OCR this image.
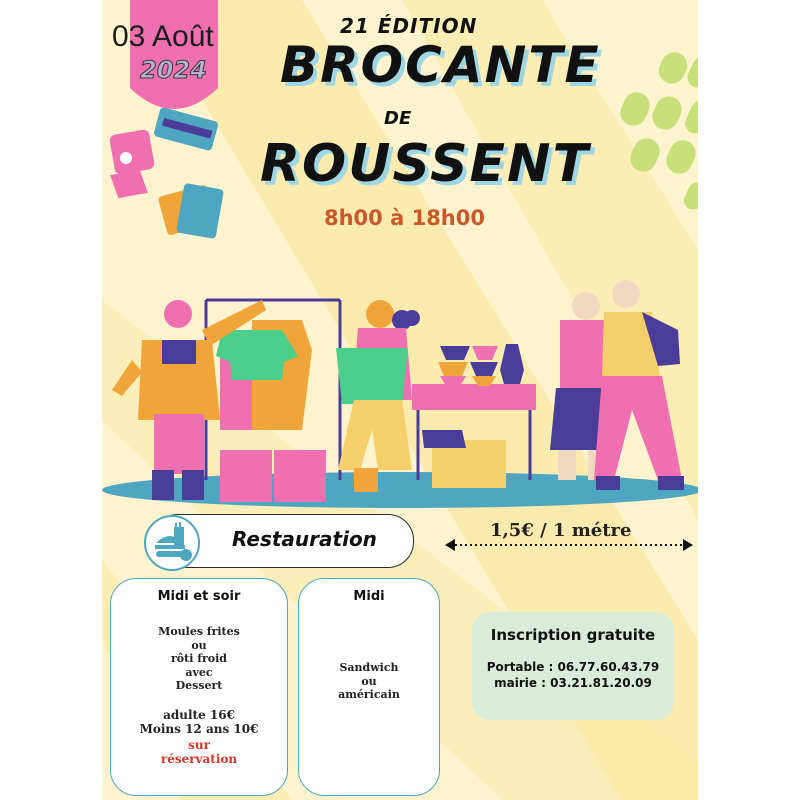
03 Août
2024
21 ÉDITION
BROCANTE
DE
ROUSSENT
8h00 à 18h00
Restauration	1,5€ / 1 métre
Midi et soir
Moules frites
ou
rôti froid
avec
Dessert
adulte 16€
Moins 12 ans 10€
sur
réservation
Midi
Sandwich
ou
américain
Inscription gratuite
Portable : 06.77.60.43.79
mairie : 03.21.81.20.09
